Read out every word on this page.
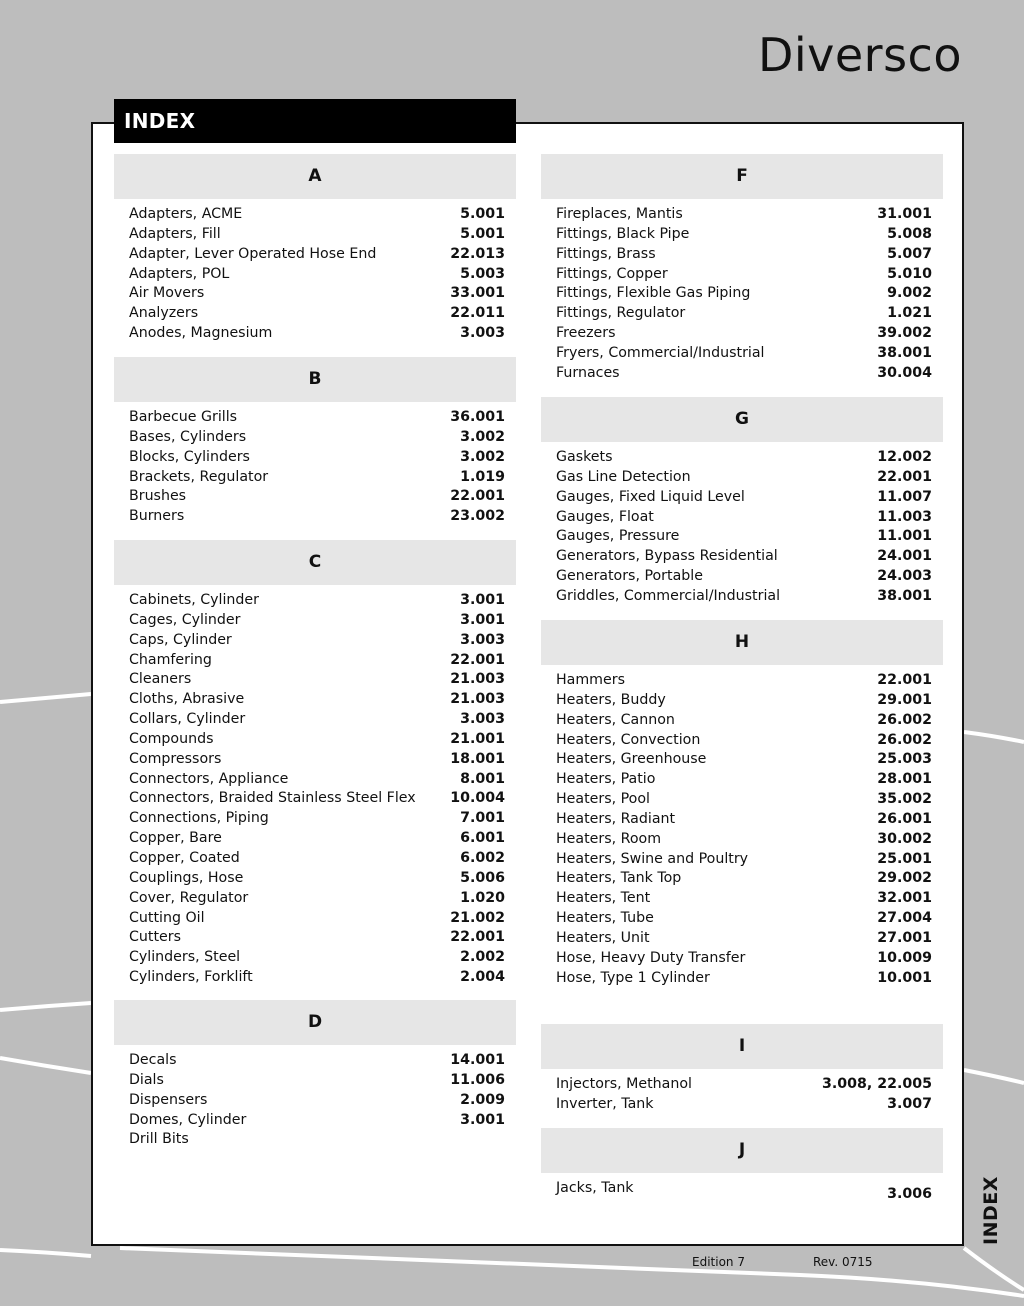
Diversco
INDEX
A
Adapters, ACME	5.001
Adapters, Fill	5.001
Adapter, Lever Operated Hose End	22.013
Adapters, POL	5.003
Air Movers	33.001
Analyzers	22.011
Anodes, Magnesium	3.003
B
Barbecue Grills	36.001
Bases, Cylinders	3.002
Blocks, Cylinders	3.002
Brackets, Regulator	1.019
Brushes	22.001
Burners	23.002
C
Cabinets, Cylinder	3.001
Cages, Cylinder	3.001
Caps, Cylinder	3.003
Chamfering	22.001
Cleaners	21.003
Cloths, Abrasive	21.003
Collars, Cylinder	3.003
Compounds	21.001
Compressors	18.001
Connectors, Appliance	8.001
Connectors, Braided Stainless Steel Flex 10.004
Connections, Piping	7.001
Copper, Bare	6.001
Copper, Coated	6.002
Couplings, Hose	5.006
Cover, Regulator	1.020
Cutting Oil	21.002
Cutters	22.001
Cylinders, Steel	2.002
Cylinders, Forklift	2.004
D
Decals	14.001
Dials	11.006
Dispensers	2.009
Domes, Cylinder	3.001
Drill Bits
F
Fireplaces, Mantis	31.001
Fittings, Black Pipe	5.008
Fittings, Brass	5.007
Fittings, Copper	5.010
Fittings, Flexible Gas Piping	9.002
Fittings, Regulator	1.021
Freezers	39.002
Fryers, Commercial/Industrial	38.001
Furnaces	30.004
G
Gaskets	12.002
Gas Line Detection	22.001
Gauges, Fixed Liquid Level	11.007
Gauges, Float	11.003
Gauges, Pressure	11.001
Generators, Bypass Residential	24.001
Generators, Portable	24.003
Griddles, Commercial/Industrial	38.001
H
Hammers	22.001
Heaters, Buddy	29.001
Heaters, Cannon	26.002
Heaters, Convection	26.002
Heaters, Greenhouse	25.003
Heaters, Patio	28.001
Heaters, Pool	35.002
Heaters, Radiant	26.001
Heaters, Room	30.002
Heaters, Swine and Poultry	25.001
Heaters, Tank Top	29.002
Heaters, Tent	32.001
Heaters, Tube	27.004
Heaters, Unit	27.001
Hose, Heavy Duty Transfer	10.009
Hose, Type 1 Cylinder	10.001
I
Injectors, Methanol	3.008, 22.005
Inverter, Tank	3.007
J
Jacks, Tank	3.006	INDEX
Edition 7	Rev. 0715
